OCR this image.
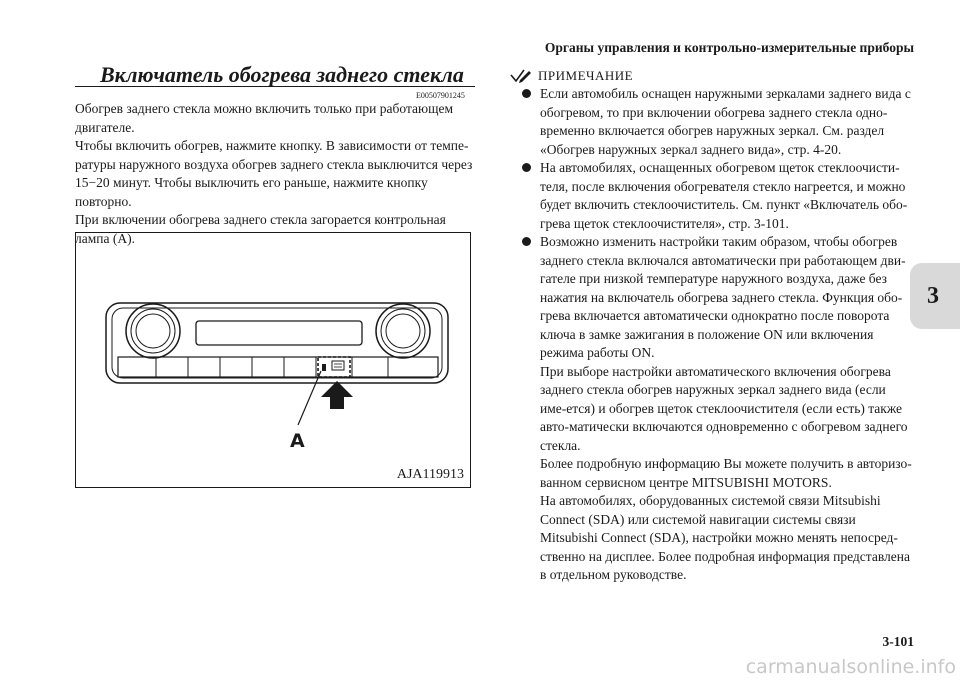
Органы управления и контрольно-измерительные приборы
3
Включатель обогрева заднего стекла
E00507901245

Обогрев заднего стекла можно включить только при работающем двигателе.

Чтобы включить обогрев, нажмите кнопку. В зависимости от темпе-ратуры наружного воздуха обогрев заднего стекла выключится через 15−20 минут. Чтобы выключить его раньше, нажмите кнопку повторно.

При включении обогрева заднего стекла загорается контрольная лампа (A).

A
AJA119913
ПРИМЕЧАНИЕ

Если автомобиль оснащен наружными зеркалами заднего вида с обогревом, то при включении обогрева заднего стекла одно-временно включается обогрев наружных зеркал. См. раздел «Обогрев наружных зеркал заднего вида», стр. 4-20.

На автомобилях, оснащенных обогревом щеток стеклоочисти-теля, после включения обогревателя стекло нагреется, и можно будет включить стеклоочиститель. См. пункт «Включатель обо-грева щеток стеклоочистителя», стр. 3-101.

Возможно изменить настройки таким образом, чтобы обогрев заднего стекла включался автоматически при работающем дви-гателе при низкой температуре наружного воздуха, даже без нажатия на включатель обогрева заднего стекла. Функция обо-грева включается автоматически однократно после поворота ключа в замке зажигания в положение ON или включения режима работы ON.

При выборе настройки автоматического включения обогрева заднего стекла обогрев наружных зеркал заднего вида (если име-ется) и обогрев щеток стеклоочистителя (если есть) также авто-матически включаются одновременно с обогревом заднего стекла.

Более подробную информацию Вы можете получить в авторизо-ванном сервисном центре MITSUBISHI MOTORS.

На автомобилях, оборудованных системой связи Mitsubishi Connect (SDA) или системой навигации системы связи Mitsubishi Connect (SDA), настройки можно менять непосред-ственно на дисплее. Более подробная информация представлена в отдельном руководстве.

3-101
carmanualsonline.info
